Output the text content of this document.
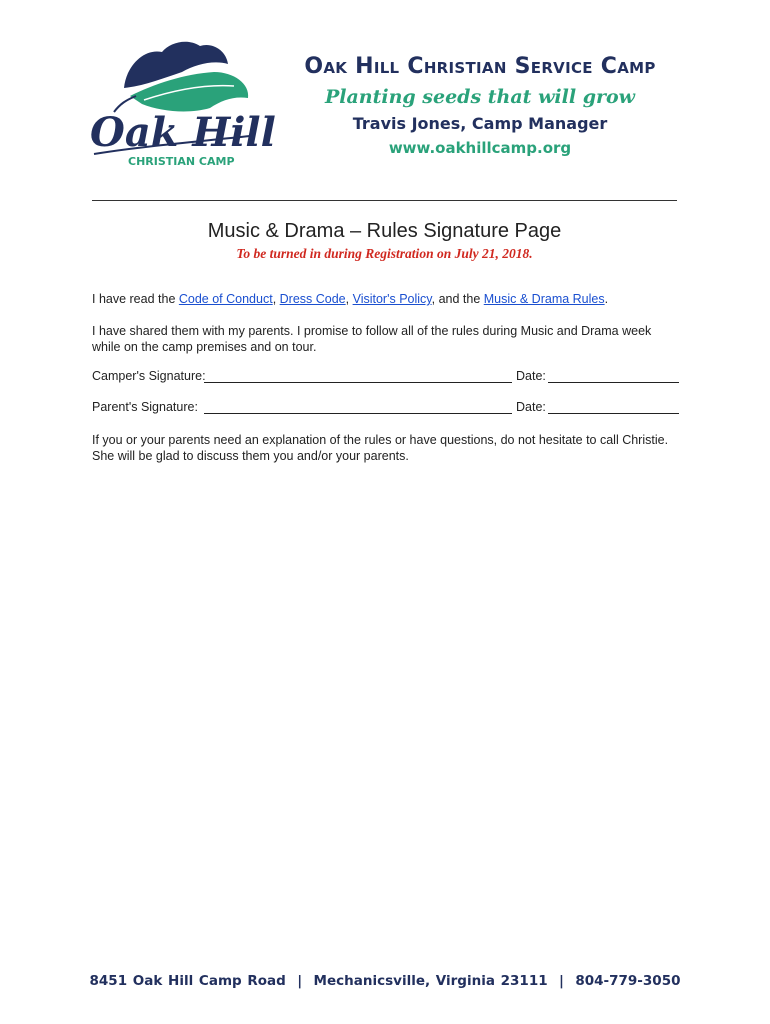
Oak Hill
CHRISTIAN CAMP
Oak Hill Christian Service Camp
Planting seeds that will grow
Travis Jones, Camp Manager
www.oakhillcamp.org
Music & Drama – Rules Signature Page
To be turned in during Registration on July 21, 2018.
I have read the Code of Conduct, Dress Code, Visitor's Policy, and the Music & Drama Rules.
I have shared them with my parents. I promise to follow all of the rules during Music and Drama week while on the camp premises and on tour.
Camper's Signature:	Date:
Parent's Signature:	Date:
If you or your parents need an explanation of the rules or have questions, do not hesitate to call Christie. She will be glad to discuss them you and/or your parents.
8451 Oak Hill Camp Road  |  Mechanicsville, Virginia 23111  |  804-779-3050
